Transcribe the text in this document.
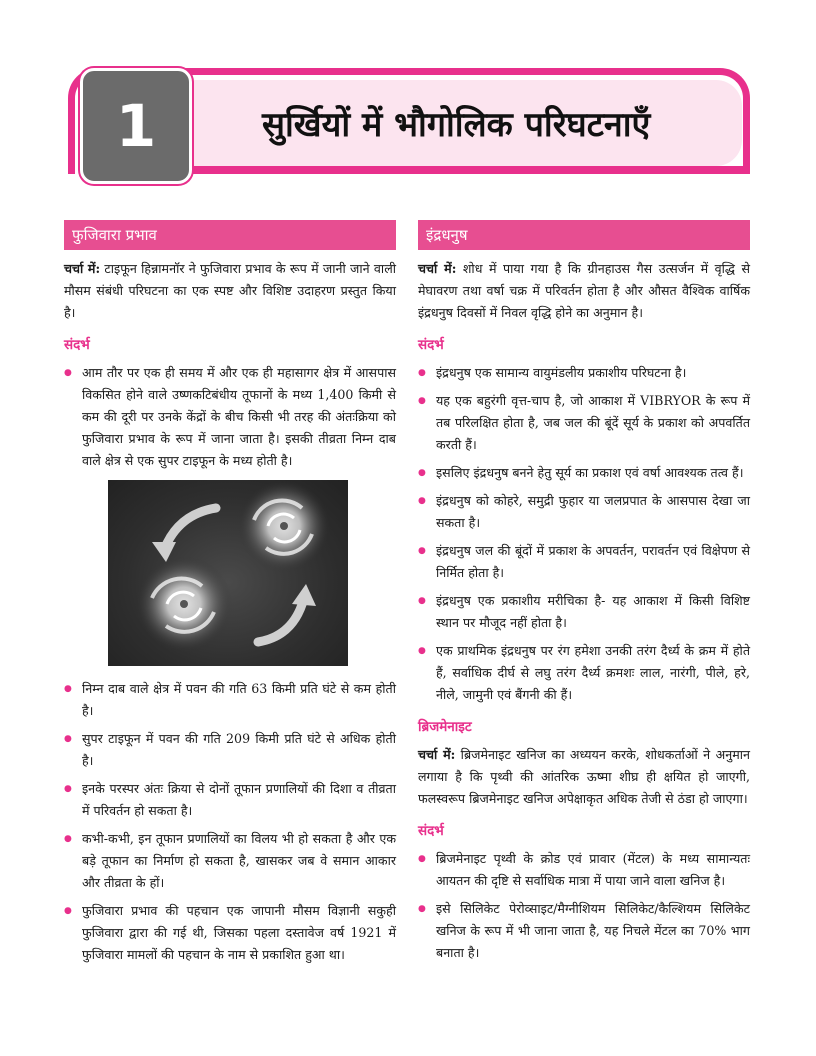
1	सुर्खियों में भौगोलिक परिघटनाएँ
फुजिवारा प्रभाव

चर्चा में: टाइफून हिन्नामनॉर ने फुजिवारा प्रभाव के रूप में जानी जाने वाली मौसम संबंधी परिघटना का एक स्पष्ट और विशिष्ट उदाहरण प्रस्तुत किया है।

संदर्भ
● आम तौर पर एक ही समय में और एक ही महासागर क्षेत्र में आसपास विकसित होने वाले उष्णकटिबंधीय तूफानों के मध्य 1,400 किमी से कम की दूरी पर उनके केंद्रों के बीच किसी भी तरह की अंतःक्रिया को फुजिवारा प्रभाव के रूप में जाना जाता है। इसकी तीव्रता निम्न दाब वाले क्षेत्र से एक सुपर टाइफून के मध्य होती है।
● निम्न दाब वाले क्षेत्र में पवन की गति 63 किमी प्रति घंटे से कम होती है।
● सुपर टाइफून में पवन की गति 209 किमी प्रति घंटे से अधिक होती है।
● इनके परस्पर अंतः क्रिया से दोनों तूफान प्रणालियों की दिशा व तीव्रता में परिवर्तन हो सकता है।
● कभी-कभी, इन तूफान प्रणालियों का विलय भी हो सकता है और एक बड़े तूफान का निर्माण हो सकता है, खासकर जब वे समान आकार और तीव्रता के हों।
● फुजिवारा प्रभाव की पहचान एक जापानी मौसम विज्ञानी सकुही फुजिवारा द्वारा की गई थी, जिसका पहला दस्तावेज वर्ष 1921 में फुजिवारा मामलों की पहचान के नाम से प्रकाशित हुआ था।
इंद्रधनुष

चर्चा में: शोध में पाया गया है कि ग्रीनहाउस गैस उत्सर्जन में वृद्धि से मेघावरण तथा वर्षा चक्र में परिवर्तन होता है और औसत वैश्विक वार्षिक इंद्रधनुष दिवसों में निवल वृद्धि होने का अनुमान है।

संदर्भ
● इंद्रधनुष एक सामान्य वायुमंडलीय प्रकाशीय परिघटना है।
● यह एक बहुरंगी वृत्त-चाप है, जो आकाश में VIBRYOR के रूप में तब परिलक्षित होता है, जब जल की बूंदें सूर्य के प्रकाश को अपवर्तित करती हैं।
● इसलिए इंद्रधनुष बनने हेतु सूर्य का प्रकाश एवं वर्षा आवश्यक तत्व हैं।
● इंद्रधनुष को कोहरे, समुद्री फुहार या जलप्रपात के आसपास देखा जा सकता है।
● इंद्रधनुष जल की बूंदों में प्रकाश के अपवर्तन, परावर्तन एवं विक्षेपण से निर्मित होता है।
● इंद्रधनुष एक प्रकाशीय मरीचिका है- यह आकाश में किसी विशिष्ट स्थान पर मौजूद नहीं होता है।
● एक प्राथमिक इंद्रधनुष पर रंग हमेशा उनकी तरंग दैर्ध्य के क्रम में होते हैं, सर्वाधिक दीर्घ से लघु तरंग दैर्ध्य क्रमशः लाल, नारंगी, पीले, हरे, नीले, जामुनी एवं बैंगनी की हैं।
ब्रिजमेनाइट

चर्चा में: ब्रिजमेनाइट खनिज का अध्ययन करके, शोधकर्ताओं ने अनुमान लगाया है कि पृथ्वी की आंतरिक ऊष्मा शीघ्र ही क्षयित हो जाएगी, फलस्वरूप ब्रिजमेनाइट खनिज अपेक्षाकृत अधिक तेजी से ठंडा हो जाएगा।

संदर्भ
● ब्रिजमेनाइट पृथ्वी के क्रोड एवं प्रावार (मेंटल) के मध्य सामान्यतः आयतन की दृष्टि से सर्वाधिक मात्रा में पाया जाने वाला खनिज है।
● इसे सिलिकेट पेरोव्साइट/मैग्नीशियम सिलिकेट/कैल्शियम सिलिकेट खनिज के रूप में भी जाना जाता है, यह निचले मेंटल का 70% भाग बनाता है।
